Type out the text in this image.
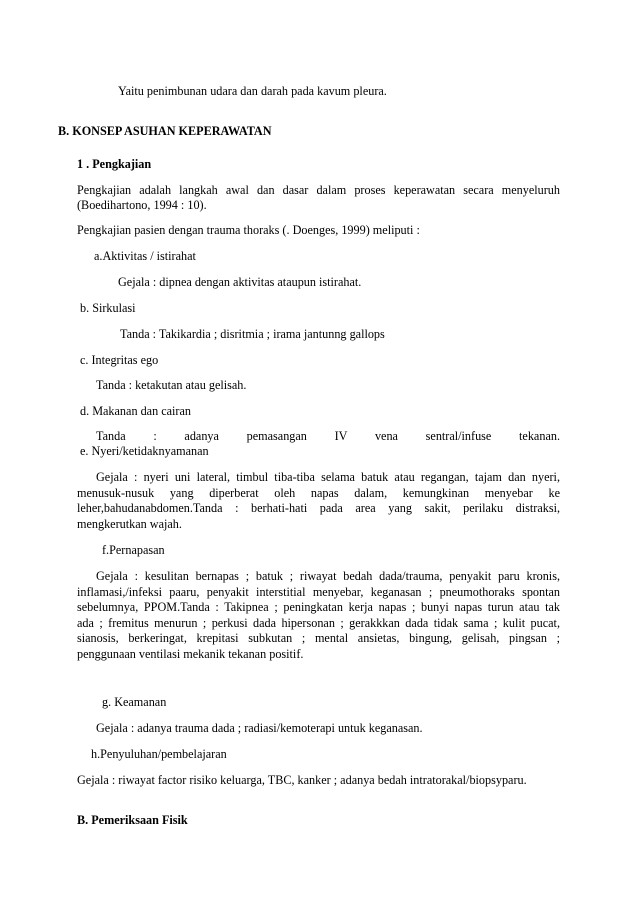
Yaitu penimbunan udara dan darah pada kavum pleura.
B. KONSEP ASUHAN KEPERAWATAN
1 . Pengkajian
Pengkajian adalah langkah awal dan dasar dalam proses keperawatan secara menyeluruh
(Boedihartono, 1994 : 10).
Pengkajian pasien dengan trauma thoraks (. Doenges, 1999) meliputi :
a.Aktivitas / istirahat
Gejala : dipnea dengan aktivitas ataupun istirahat.
b. Sirkulasi
Tanda : Takikardia ; disritmia ; irama jantunng gallops
c. Integritas ego
Tanda : ketakutan atau gelisah.
d. Makanan dan cairan
Tanda : adanya pemasangan IV vena sentral/infuse tekanan.
e. Nyeri/ketidaknyamanan
Gejala : nyeri uni lateral, timbul tiba-tiba selama batuk atau regangan, tajam dan nyeri,
menusuk-nusuk yang diperberat oleh napas dalam, kemungkinan menyebar ke
leher,bahudanabdomen.Tanda : berhati-hati pada area yang sakit, perilaku distraksi,
mengkerutkan wajah.
f.Pernapasan
Gejala : kesulitan bernapas ; batuk ; riwayat bedah dada/trauma, penyakit paru kronis,
inflamasi,/infeksi paaru, penyakit interstitial menyebar, keganasan ; pneumothoraks spontan
sebelumnya, PPOM.Tanda : Takipnea ; peningkatan kerja napas ; bunyi napas turun atau tak
ada ; fremitus menurun ; perkusi dada hipersonan ; gerakkkan dada tidak sama ; kulit pucat,
sianosis, berkeringat, krepitasi subkutan ; mental ansietas, bingung, gelisah, pingsan ;
penggunaan ventilasi mekanik tekanan positif.
g. Keamanan
Gejala : adanya trauma dada ; radiasi/kemoterapi untuk keganasan.
h.Penyuluhan/pembelajaran
Gejala : riwayat factor risiko keluarga, TBC, kanker ; adanya bedah intratorakal/biopsyparu.
B. Pemeriksaan Fisik
